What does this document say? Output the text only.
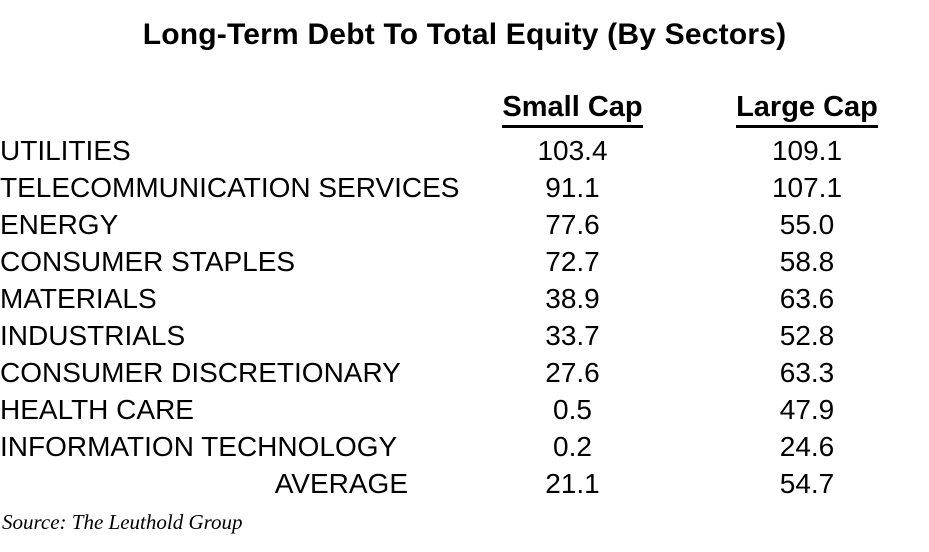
Long-Term Debt To Total Equity (By Sectors)
	Small Cap	Large Cap
UTILITIES	103.4	109.1
TELECOMMUNICATION SERVICES	91.1	107.1
ENERGY	77.6	55.0
CONSUMER STAPLES	72.7	58.8
MATERIALS	38.9	63.6
INDUSTRIALS	33.7	52.8
CONSUMER DISCRETIONARY	27.6	63.3
HEALTH CARE	0.5	47.9
INFORMATION TECHNOLOGY	0.2	24.6
AVERAGE	21.1	54.7
Source: The Leuthold Group
